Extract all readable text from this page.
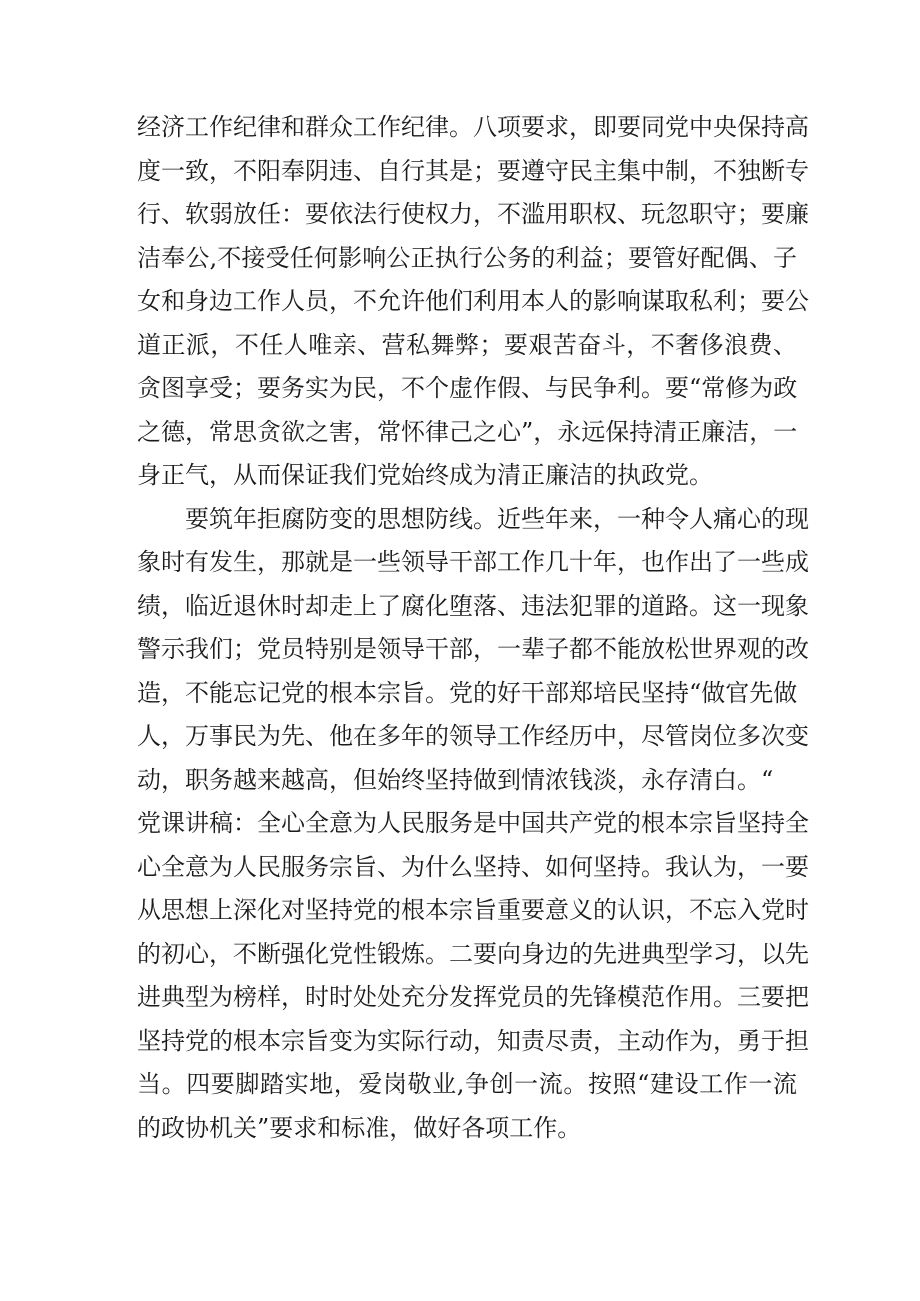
经济工作纪律和群众工作纪律。八项要求，即要同党中央保持高
度一致，不阳奉阴违、自行其是；要遵守民主集中制，不独断专
行、软弱放任：要依法行使权力，不滥用职权、玩忽职守；要廉
洁奉公,不接受任何影响公正执行公务的利益；要管好配偶、子
女和身边工作人员，不允许他们利用本人的影响谋取私利；要公
道正派，不任人唯亲、营私舞弊；要艰苦奋斗，不奢侈浪费、
贪图享受；要务实为民，不个虚作假、与民争利。要“常修为政
之德，常思贪欲之害，常怀律己之心”，永远保持清正廉洁，一
身正气，从而保证我们党始终成为清正廉洁的执政党。
　　要筑年拒腐防变的思想防线。近些年来，一种令人痛心的现
象时有发生，那就是一些领导干部工作几十年，也作出了一些成
绩，临近退休时却走上了腐化堕落、违法犯罪的道路。这一现象
警示我们；党员特别是领导干部，一辈子都不能放松世界观的改
造，不能忘记党的根本宗旨。党的好干部郑培民坚持“做官先做
人，万事民为先、他在多年的领导工作经历中，尽管岗位多次变
动，职务越来越高，但始终坚持做到情浓钱淡，永存清白。“
党课讲稿：全心全意为人民服务是中国共产党的根本宗旨坚持全
心全意为人民服务宗旨、为什么坚持、如何坚持。我认为，一要
从思想上深化对坚持党的根本宗旨重要意义的认识，不忘入党时
的初心，不断强化党性锻炼。二要向身边的先进典型学习，以先
进典型为榜样，时时处处充分发挥党员的先锋模范作用。三要把
坚持党的根本宗旨变为实际行动，知责尽责，主动作为，勇于担
当。四要脚踏实地，爱岗敬业,争创一流。按照“建设工作一流
的政协机关”要求和标准，做好各项工作。
